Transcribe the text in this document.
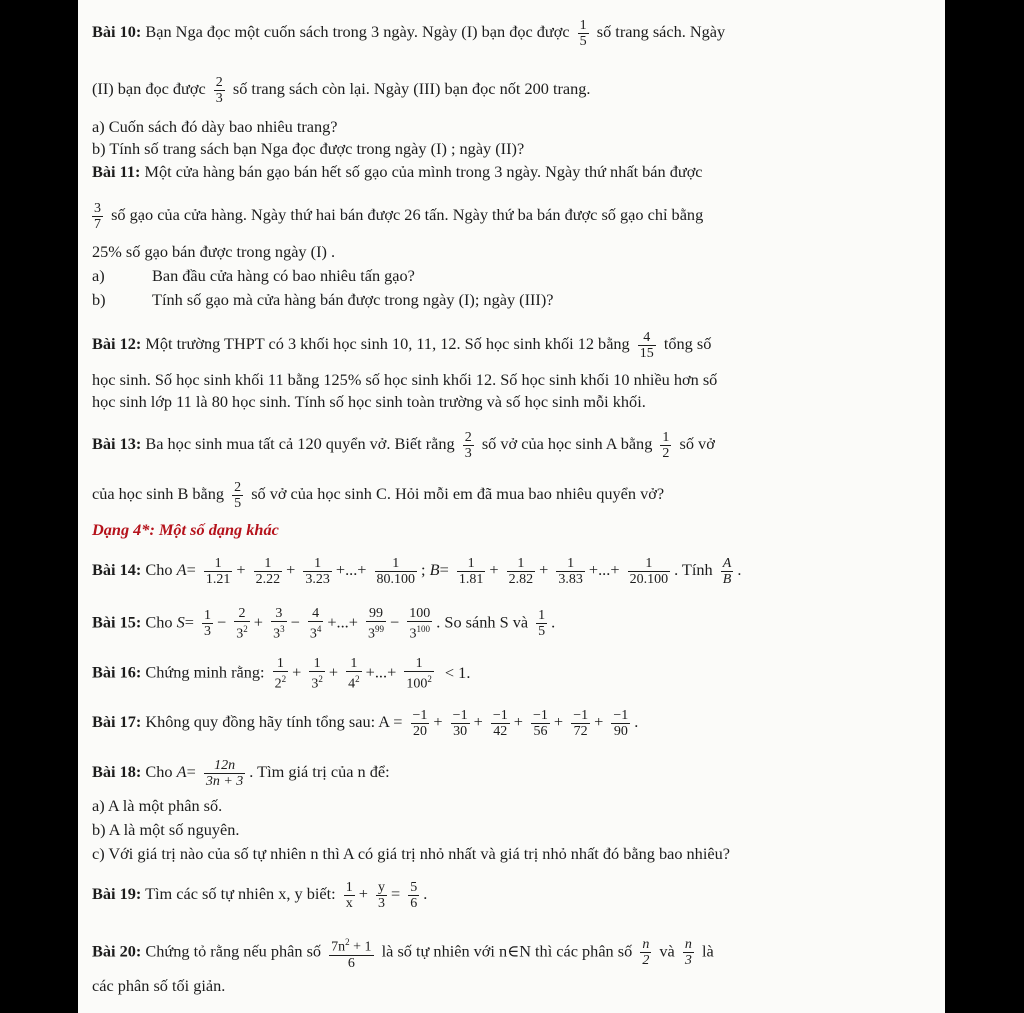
Bài 10: Bạn Nga đọc một cuốn sách trong 3 ngày. Ngày (I) bạn đọc được $\frac{1}{5}$ số trang sách. Ngày
(II) bạn đọc được $\frac{2}{3}$ số trang sách còn lại. Ngày (III) bạn đọc nốt 200 trang.
a) Cuốn sách đó dày bao nhiêu trang?
b) Tính số trang sách bạn Nga đọc được trong ngày (I) ; ngày (II)?
Bài 11: Một cửa hàng bán gạo bán hết số gạo của mình trong 3 ngày. Ngày thứ nhất bán được
$\frac{3}{7}$ số gạo của cửa hàng. Ngày thứ hai bán được 26 tấn. Ngày thứ ba bán được số gạo chỉ bằng
25% số gạo bán được trong ngày (I) .
a)	Ban đầu cửa hàng có bao nhiêu tấn gạo?
b)	Tính số gạo mà cửa hàng bán được trong ngày (I); ngày (III)?
Bài 12: Một trường THPT có 3 khối học sinh 10, 11, 12. Số học sinh khối 12 bằng $\frac{4}{15}$ tổng số
học sinh. Số học sinh khối 11 bằng 125% số học sinh khối 12. Số học sinh khối 10 nhiều hơn số
học sinh lớp 11 là 80 học sinh. Tính số học sinh toàn trường và số học sinh mỗi khối.
Bài 13: Ba học sinh mua tất cả 120 quyển vở. Biết rằng $\frac{2}{3}$ số vở của học sinh A bằng $\frac{1}{2}$ số vở
của học sinh B bằng $\frac{2}{5}$ số vở của học sinh C. Hỏi mỗi em đã mua bao nhiêu quyển vở?
Dạng 4*: Một số dạng khác
Bài 14: Cho $A= \frac{1}{1.21} + \frac{1}{2.22} + \frac{1}{3.23}$ +...+ $\frac{1}{80.100}$ ; $B= \frac{1}{1.81} + \frac{1}{2.82} + \frac{1}{3.83}$ +...+ $\frac{1}{20.100}$ . Tính $\frac{A}{B}$ .
Bài 15: Cho $S= \frac{1}{3} - \frac{2}{3^2} + \frac{3}{3^3} - \frac{4}{3^4}$ +...+ $\frac{99}{3^{99}} - \frac{100}{3^{100}}$ . So sánh S và $\frac{1}{5}$ .
Bài 16: Chứng minh rằng: $\frac{1}{2^2} + \frac{1}{3^2} + \frac{1}{4^2}$ +...+ $\frac{1}{100^2} < 1$.
Bài 17: Không quy đồng hãy tính tổng sau: $A = \frac{-1}{20} + \frac{-1}{30} + \frac{-1}{42} + \frac{-1}{56} + \frac{-1}{72} + \frac{-1}{90}$ .
Bài 18: Cho $A= \frac{12n}{3n + 3}$ . Tìm giá trị của n để:
a) A là một phân số.
b) A là một số nguyên.
c) Với giá trị nào của số tự nhiên n thì A có giá trị nhỏ nhất và giá trị nhỏ nhất đó bằng bao nhiêu?
Bài 19: Tìm các số tự nhiên x, y biết: $\frac{1}{x} + \frac{y}{3} = \frac{5}{6}$ .
Bài 20: Chứng tỏ rằng nếu phân số $\frac{7n^2 + 1}{6}$ là số tự nhiên với n∈N thì các phân số $\frac{n}{2}$ và $\frac{n}{3}$ là
các phân số tối giản.
